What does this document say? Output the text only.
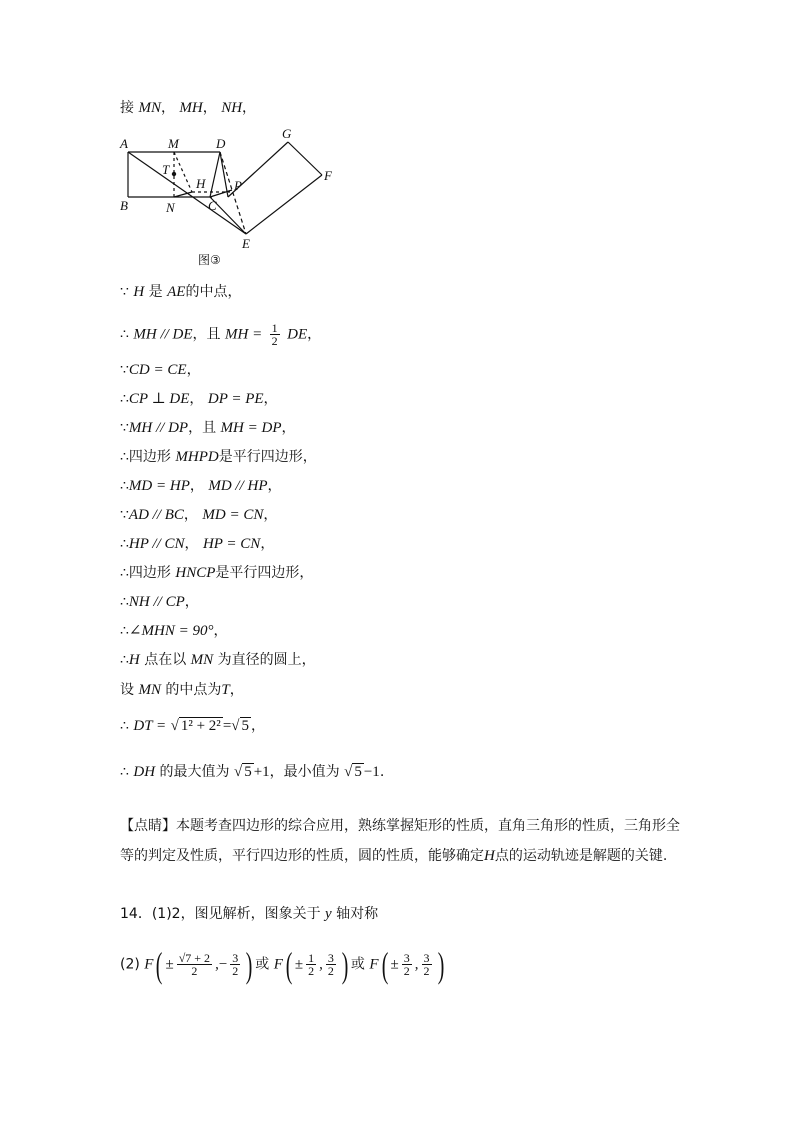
接 MN， MH， NH，
A	M	D
G
F
T
H P
B	N	C
E
图③
∵ H 是 AE的中点，
∴ MH // DE，且 MH = $\frac{1}{2}$ DE，
∵CD = CE，
∴CP ⊥ DE， DP = PE，
∵MH // DP，且 MH = DP，
∴四边形 MHPD是平行四边形，
∴MD = HP， MD // HP，
∵AD // BC， MD = CN，
∴HP // CN， HP = CN，
∴四边形 HNCP是平行四边形，
∴NH // CP，
∴∠MHN = 90°，
∴H 点在以 MN 为直径的圆上，
设 MN 的中点为T，
∴ DT = √ 1² + 2² =√ 5 ，
∴ DH 的最大值为 √ 5 +1，最小值为 √ 5 −1.
【点睛】本题考查四边形的综合应用，熟练掌握矩形的性质，直角三角形的性质，三角形全等的判定及性质，平行四边形的性质，圆的性质，能够确定H点的运动轨迹是解题的关键.
14．(1)2，图见解析，图象关于 y 轴对称
(2) $F( \pm \frac{√7 + 2}{2}$ ,− $\frac{3}{2}$ ) 或 $F( \pm \frac{1}{2}$ , $\frac{3}{2}$ ) 或 $F( \pm \frac{3}{2}$ , $\frac{3}{2}$ )
